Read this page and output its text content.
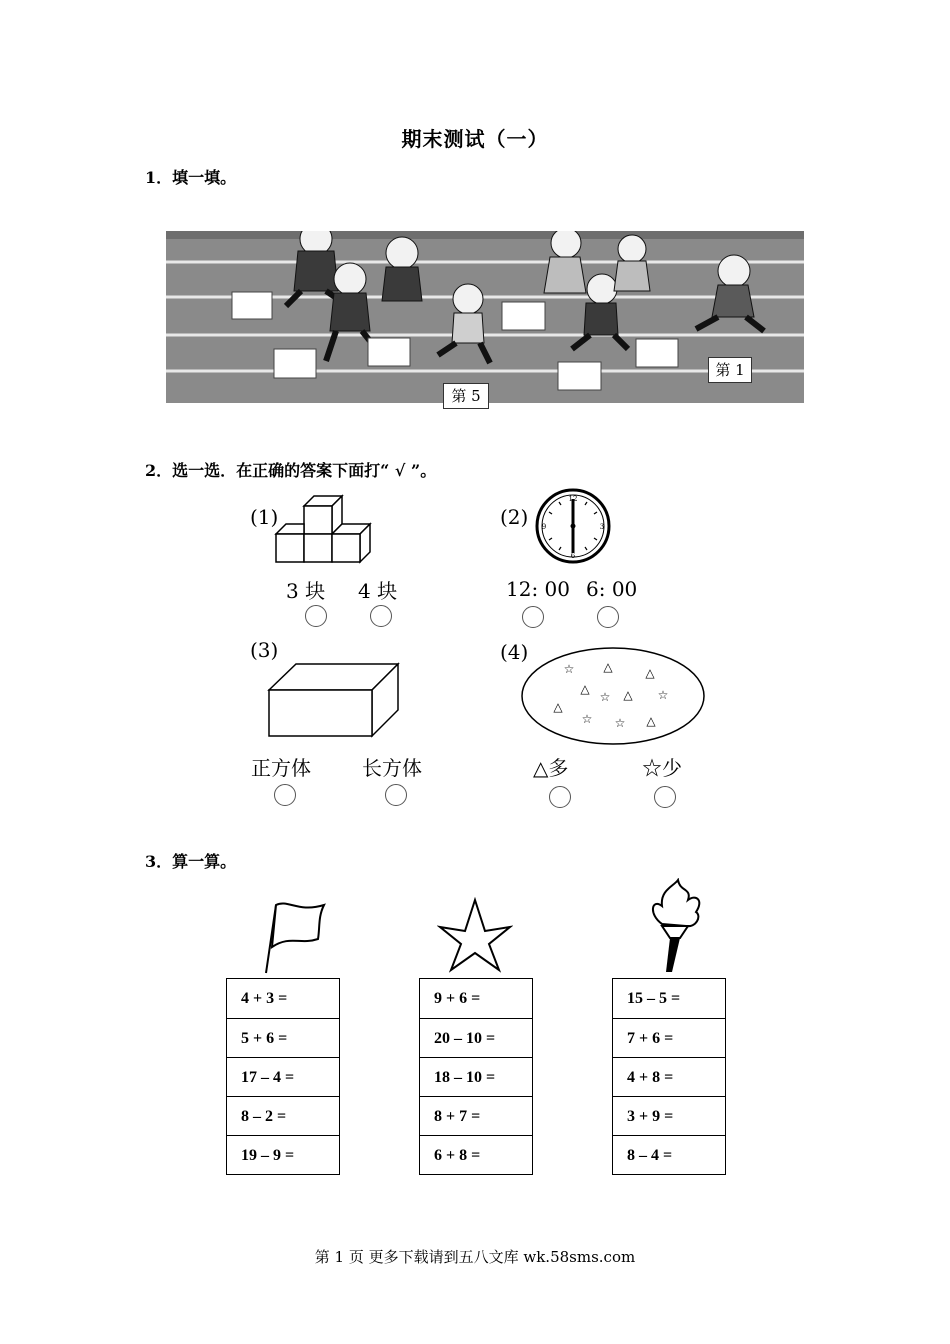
期末测试（一）
1．填一填。
第 5
第 1
2．选一选．在正确的答案下面打“ √ ”。
(1)
3 块 4 块
(2)
12
3
6
9
12: 00 6: 00
(3)
正方体	长方体
(4)
☆ △	△
△
☆ △ ☆
△
☆ ☆ △
△多	☆少
3．算一算。
4 + 3 =
5 + 6 =
17 – 4 =
8 – 2 =
19 – 9 =
9 + 6 =
20 – 10 =
18 – 10 =
8 + 7 =
6 + 8 =
15 – 5 =
7 + 6 =
4 + 8 =
3 + 9 =
8 – 4 =
第 1 页 更多下载请到五八文库 wk.58sms.com
